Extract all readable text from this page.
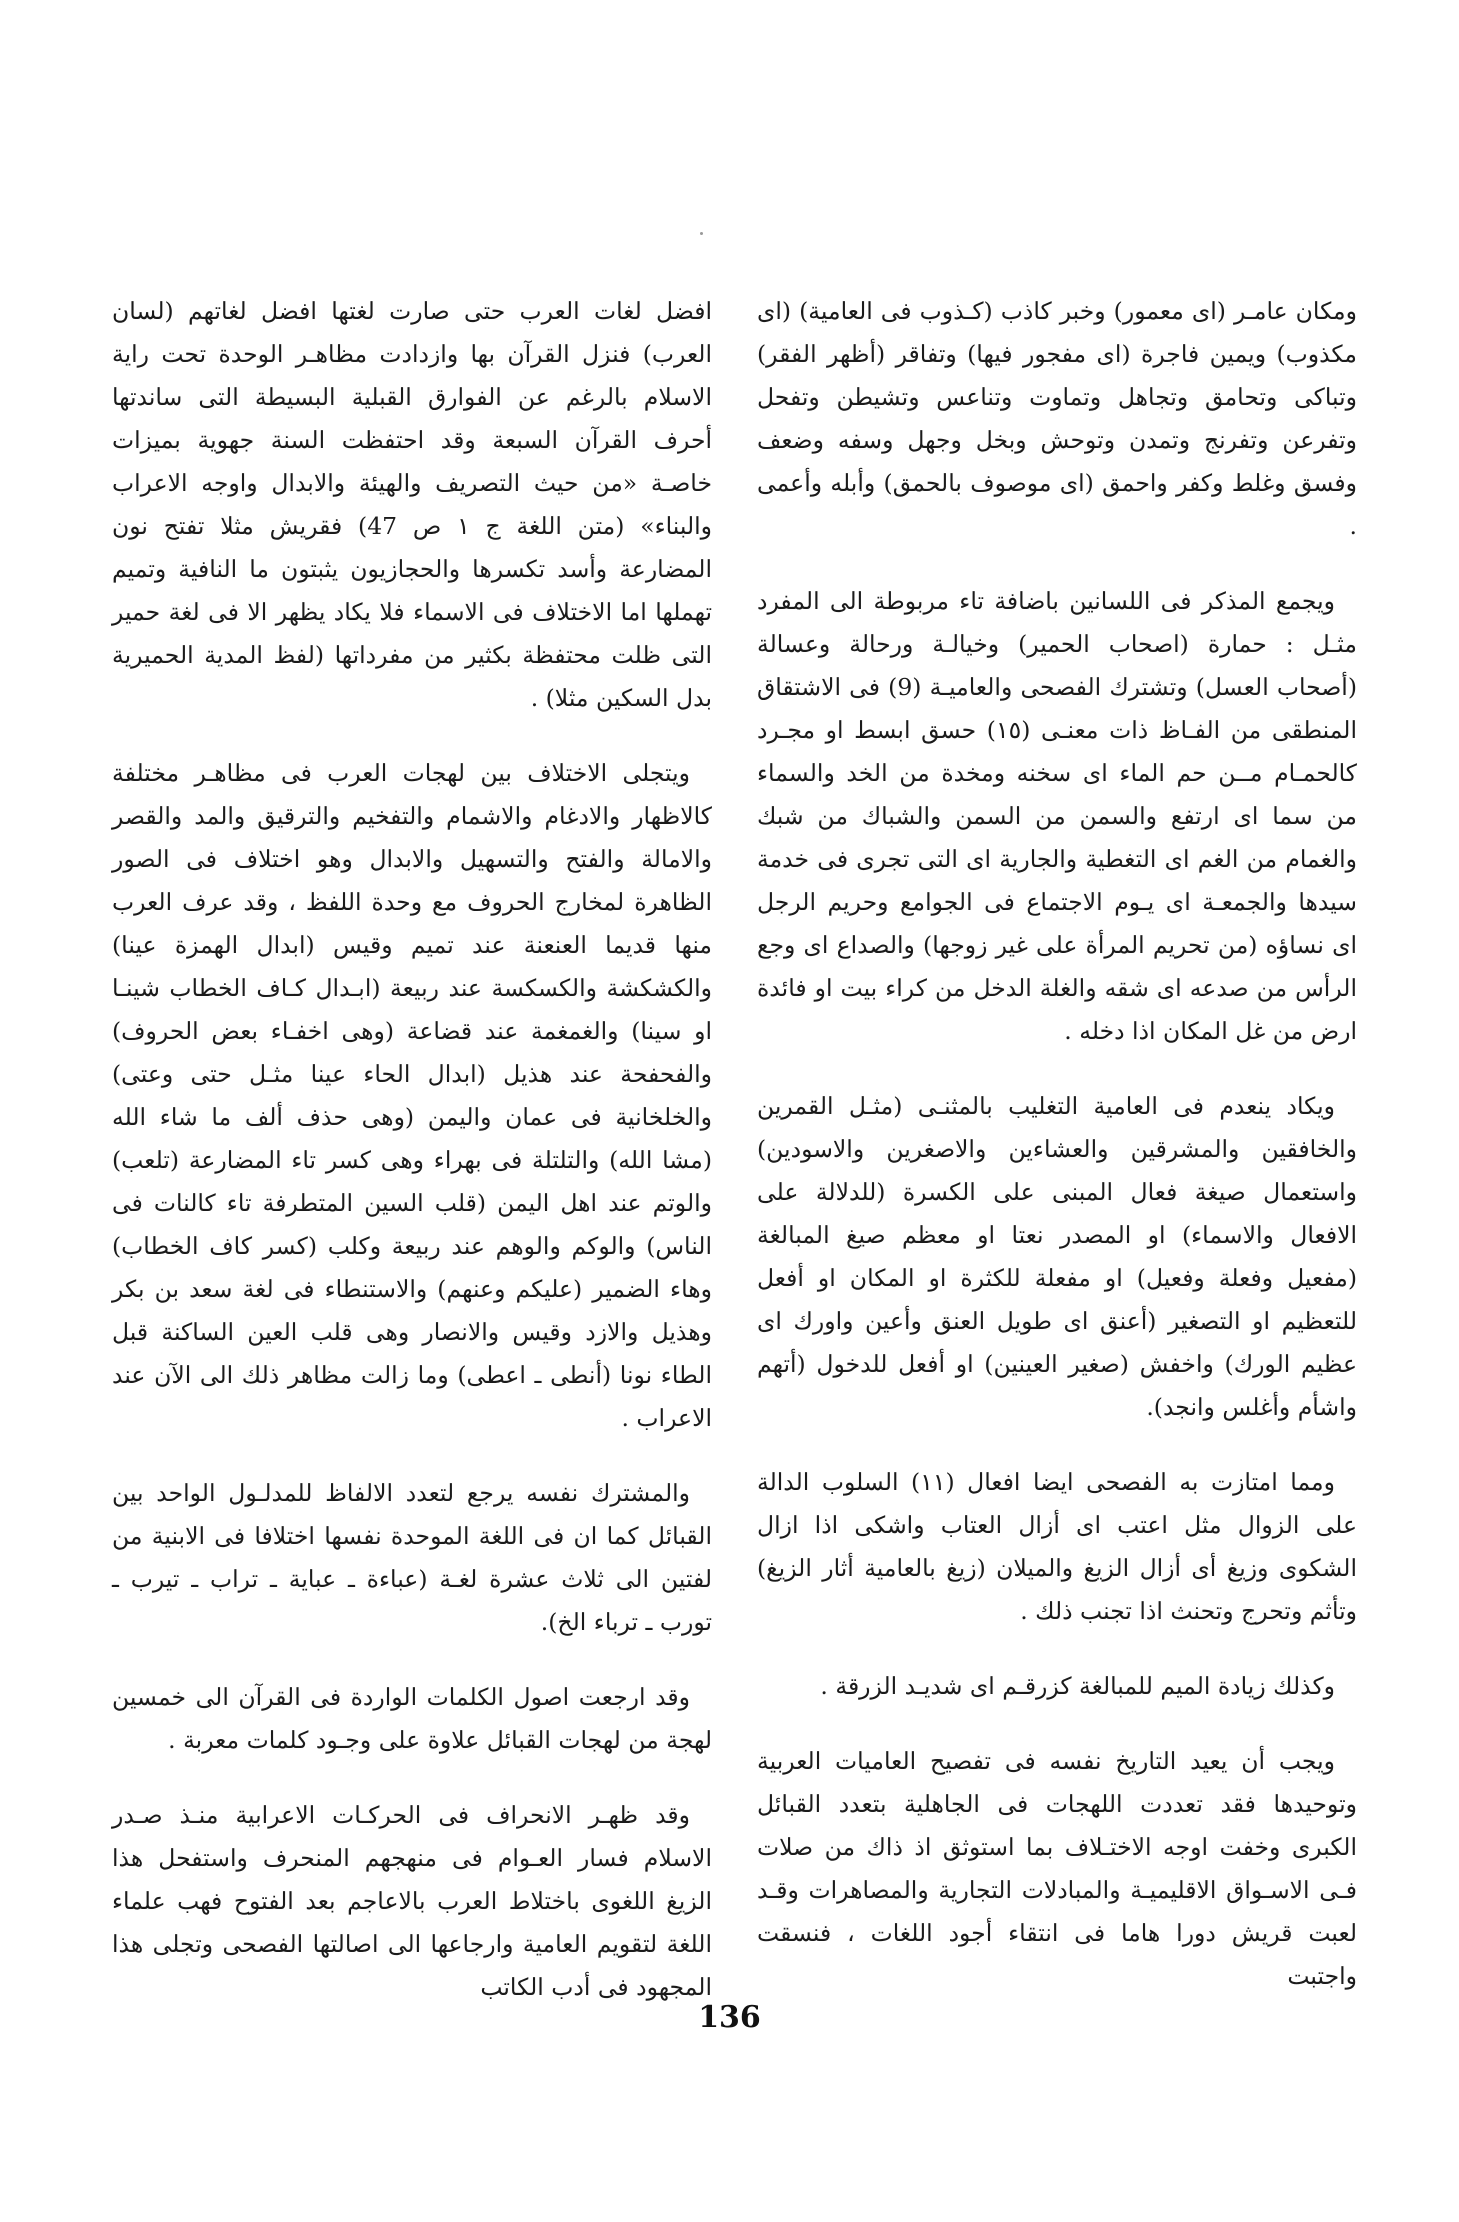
ومكان عامـر (اى معمور) وخبر كاذب (كـذوب فى العامية) (اى مكذوب) ويمين فاجرة (اى مفجور فيها) وتفاقر (أظهر الفقر) وتباكى وتحامق وتجاهل وتماوت وتناعس وتشيطن وتفحل وتفرعن وتفرنج وتمدن وتوحش وبخل وجهل وسفه وضعف وفسق وغلط وكفر واحمق (اى موصوف بالحمق) وأبله وأعمى .

ويجمع المذكر فى اللسانين باضافة تاء مربوطة الى المفرد مثـل : حمارة (اصحاب الحمير) وخيالـة ورحالة وعسالة (أصحاب العسل) وتشترك الفصحى والعاميـة (9) فى الاشتقاق المنطقى من الفـاظ ذات معنـى (١٥) حسق ابسط او مجـرد كالحمـام مــن حم الماء اى سخنه ومخدة من الخد والسماء من سما اى ارتفع والسمن من السمن والشباك من شبك والغمام من الغم اى التغطية والجارية اى التى تجرى فى خدمة سيدها والجمعـة اى يـوم الاجتماع فى الجوامع وحريم الرجل اى نساؤه (من تحريم المرأة على غير زوجها) والصداع اى وجع الرأس من صدعه اى شقه والغلة الدخل من كراء بيت او فائدة ارض من غل المكان اذا دخله .

ويكاد ينعدم فى العامية التغليب بالمثنـى (مثـل القمرين والخافقين والمشرقين والعشاءين والاصغرين والاسودين) واستعمال صيغة فعال المبنى على الكسرة (للدلالة على الافعال والاسماء) او المصدر نعتا او معظم صيغ المبالغة (مفعيل وفعلة وفعيل) او مفعلة للكثرة او المكان او أفعل للتعظيم او التصغير (أعنق اى طويل العنق وأعين واورك اى عظيم الورك) واخفش (صغير العينين) او أفعل للدخول (أتهم واشأم وأغلس وانجد).

ومما امتازت به الفصحى ايضا افعال (١١) السلوب الدالة على الزوال مثل اعتب اى أزال العتاب واشكى اذا ازال الشكوى وزيغ أى أزال الزيغ والميلان (زيغ بالعامية أثار الزيغ) وتأثم وتحرج وتحنث اذا تجنب ذلك .

وكذلك زيادة الميم للمبالغة كزرقـم اى شديـد الزرقة .

ويجب أن يعيد التاريخ نفسه فى تفصيح العاميات العربية وتوحيدها فقد تعددت اللهجات فى الجاهلية بتعدد القبائل الكبرى وخفت اوجه الاختـلاف بما استوثق اذ ذاك من صلات فـى الاسـواق الاقليميـة والمبادلات التجارية والمصاهرات وقـد لعبت قريش دورا هاما فى انتقاء أجود اللغات ، فنسقت واجتبت

افضل لغات العرب حتى صارت لغتها افضل لغاتهم (لسان العرب) فنزل القرآن بها وازدادت مظاهـر الوحدة تحت راية الاسلام بالرغم عن الفوارق القبلية البسيطة التى ساندتها أحرف القرآن السبعة وقد احتفظت السنة جهوية بميزات خاصـة «من حيث التصريف والهيئة والابدال واوجه الاعراب والبناء» (متن اللغة ج ١ ص 47) فقريش مثلا تفتح نون المضارعة وأسد تكسرها والحجازيون يثبتون ما النافية وتميم تهملها اما الاختلاف فى الاسماء فلا يكاد يظهر الا فى لغة حمير التى ظلت محتفظة بكثير من مفرداتها (لفظ المدية الحميرية بدل السكين مثلا) .

ويتجلى الاختلاف بين لهجات العرب فى مظاهـر مختلفة كالاظهار والادغام والاشمام والتفخيم والترقيق والمد والقصر والامالة والفتح والتسهيل والابدال وهو اختلاف فى الصور الظاهرة لمخارج الحروف مع وحدة اللفظ ، وقد عرف العرب منها قديما العنعنة عند تميم وقيس (ابدال الهمزة عينا) والكشكشة والكسكسة عند ربيعة (ابـدال كـاف الخطاب شينـا او سينا) والغمغمة عند قضاعة (وهى اخفـاء بعض الحروف) والفحفحة عند هذيل (ابدال الحاء عينا مثـل حتى وعتى) والخلخانية فى عمان واليمن (وهى حذف ألف ما شاء الله (مشا الله) والتلتلة فى بهراء وهى كسر تاء المضارعة (تلعب) والوتم عند اهل اليمن (قلب السين المتطرفة تاء كالنات فى الناس) والوكم والوهم عند ربيعة وكلب (كسر كاف الخطاب) وهاء الضمير (عليكم وعنهم) والاستنطاء فى لغة سعد بن بكر وهذيل والازد وقيس والانصار وهى قلب العين الساكنة قبل الطاء نونا (أنطى ـ اعطى) وما زالت مظاهر ذلك الى الآن عند الاعراب .

والمشترك نفسه يرجع لتعدد الالفاظ للمدلـول الواحد بين القبائل كما ان فى اللغة الموحدة نفسها اختلافا فى الابنية من لفتين الى ثلاث عشرة لغـة (عباءة ـ عباية ـ تراب ـ تيرب ـ تورب ـ ترباء الخ).

وقد ارجعت اصول الكلمات الواردة فى القرآن الى خمسين لهجة من لهجات القبائل علاوة على وجـود كلمات معربة .

وقد ظهـر الانحراف فى الحركـات الاعرابية منـذ صـدر الاسلام فسار العـوام فى منهجهم المنحرف واستفحل هذا الزيغ اللغوى باختلاط العرب بالاعاجم بعد الفتوح فهب علماء اللغة لتقويم العامية وارجاعها الى اصالتها الفصحى وتجلى هذا المجهود فى أدب الكاتب

136
